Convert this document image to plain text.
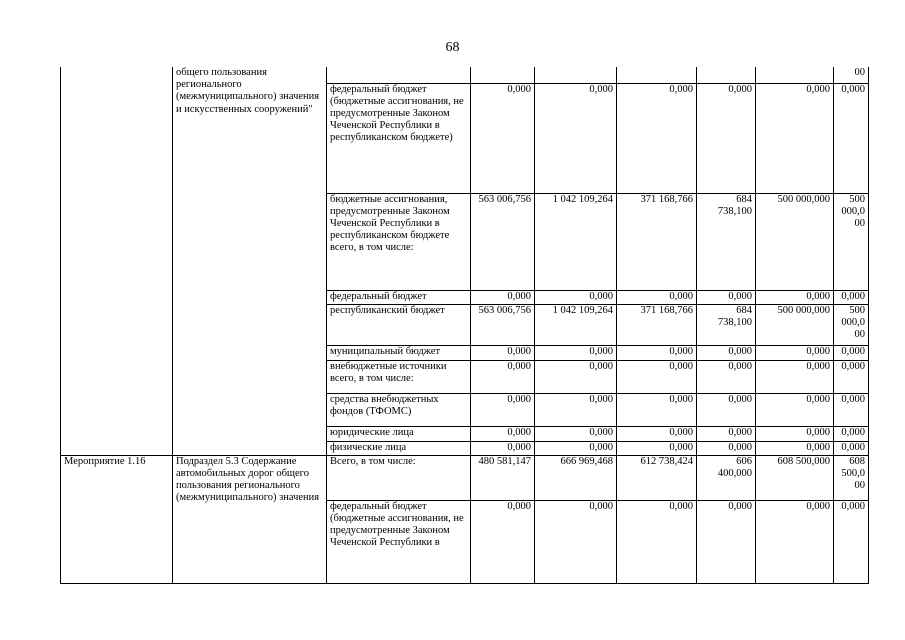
68
	общего пользования регионального (межмуниципального) значения и искусственных сооружений"							00
		федеральный бюджет (бюджетные ассигнования, не предусмотренные Законом Чеченской Республики в республиканском бюджете)	0,000	0,000	0,000	0,000	0,000	0,000
		бюджетные ассигнования, предусмотренные Законом Чеченской Республики в республиканском бюджете всего, в том числе:	563 006,756	1 042 109,264	371 168,766	684 738,100	500 000,000	500 000,0 00
		федеральный бюджет	0,000	0,000	0,000	0,000	0,000	0,000
		республиканский бюджет	563 006,756	1 042 109,264	371 168,766	684 738,100	500 000,000	500 000,0 00
		муниципальный бюджет	0,000	0,000	0,000	0,000	0,000	0,000
		внебюджетные источники всего, в том числе:	0,000	0,000	0,000	0,000	0,000	0,000
		средства внебюджетных фондов (ТФОМС)	0,000	0,000	0,000	0,000	0,000	0,000
		юридические лица	0,000	0,000	0,000	0,000	0,000	0,000
		физические лица	0,000	0,000	0,000	0,000	0,000	0,000
Мероприятие 1.16	Подраздел 5.3 Содержание автомобильных дорог общего пользования регионального (межмуниципального) значения	Всего, в том числе:	480 581,147	666 969,468	612 738,424	606 400,000	608 500,000	608 500,0 00
		федеральный бюджет (бюджетные ассигнования, не предусмотренные Законом Чеченской Республики в	0,000	0,000	0,000	0,000	0,000	0,000
